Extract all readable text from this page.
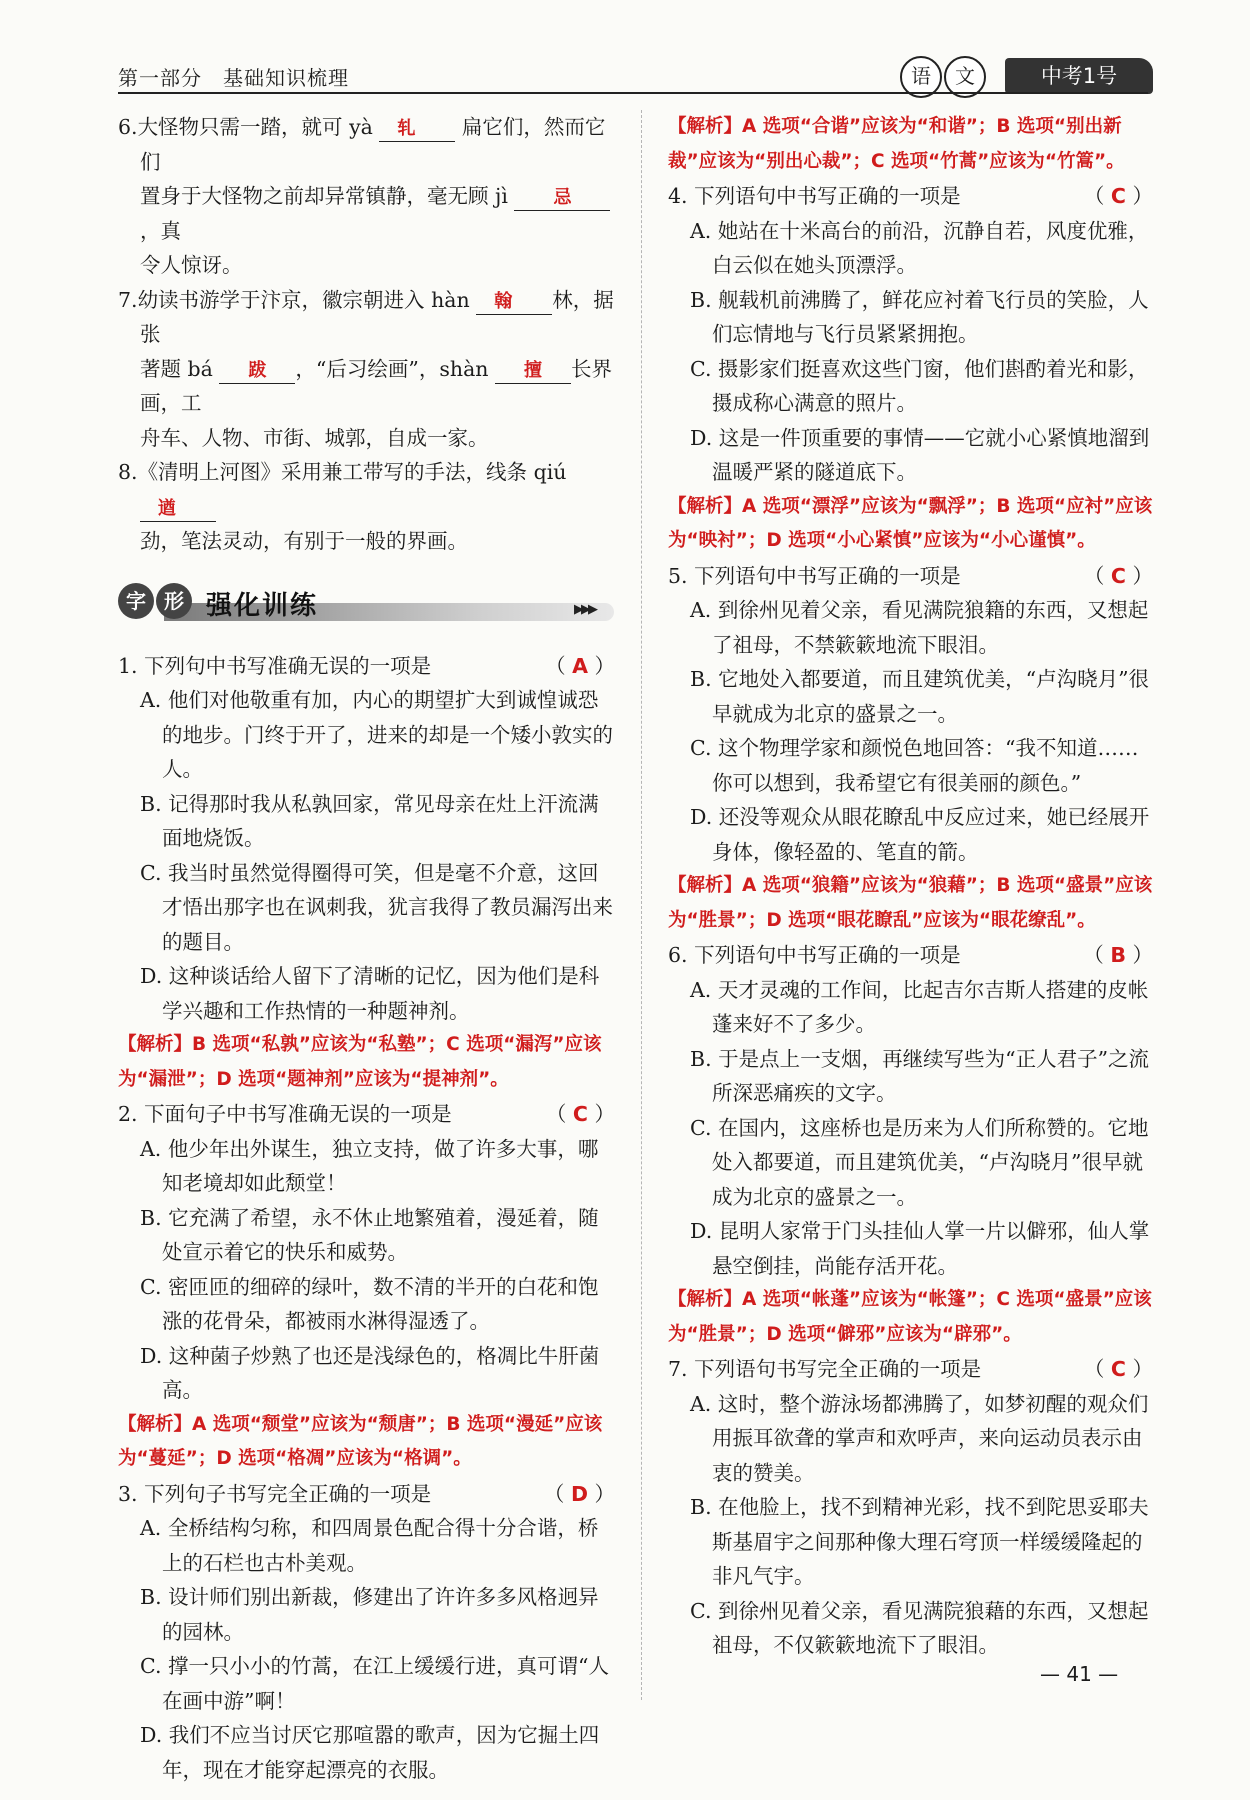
第一部分　基础知识梳理	语	文	中考1号
6.大怪物只需一踏，就可 yà 轧 扁它们，然而它们
置身于大怪物之前却异常镇静，毫无顾 jì 忌，真
令人惊讶。
7.幼读书游学于汴京，徽宗朝进入 hàn 翰 林，据张
著题 bá 跋 ，“后习绘画”，shàn 擅 长界画，工
舟车、人物、市街、城郭，自成一家。
8.《清明上河图》采用兼工带写的手法，线条 qiú 遒
劲，笔法灵动，有别于一般的界画。
字 形 强化训练	▶▶▶
1. 下列句中书写准确无误的一项是	（ A ）
A. 他们对他敬重有加，内心的期望扩大到诚惶诚恐的地步。门终于开了，进来的却是一个矮小敦实的人。
B. 记得那时我从私孰回家，常见母亲在灶上汗流满面地烧饭。
C. 我当时虽然觉得圈得可笑，但是毫不介意，这回才悟出那字也在讽刺我，犹言我得了教员漏泻出来的题目。
D. 这种谈话给人留下了清晰的记忆，因为他们是科学兴趣和工作热情的一种题神剂。
【解析】B 选项“私孰”应该为“私塾”；C 选项“漏泻”应该为“漏泄”；D 选项“题神剂”应该为“提神剂”。
2. 下面句子中书写准确无误的一项是	（ C ）
A. 他少年出外谋生，独立支持，做了许多大事，哪知老境却如此颓堂！
B. 它充满了希望，永不休止地繁殖着，漫延着，随处宣示着它的快乐和威势。
C. 密匝匝的细碎的绿叶，数不清的半开的白花和饱涨的花骨朵，都被雨水淋得湿透了。
D. 这种菌子炒熟了也还是浅绿色的，格凋比牛肝菌高。
【解析】A 选项“颓堂”应该为“颓唐”；B 选项“漫延”应该为“蔓延”；D 选项“格凋”应该为“格调”。
3. 下列句子书写完全正确的一项是	（ D ）
A. 全桥结构匀称，和四周景色配合得十分合谐，桥上的石栏也古朴美观。
B. 设计师们别出新裁，修建出了许许多多风格迥异的园林。
C. 撑一只小小的竹蒿，在江上缓缓行进，真可谓“人在画中游”啊！
D. 我们不应当讨厌它那喧嚣的歌声，因为它掘土四年，现在才能穿起漂亮的衣服。
【解析】A 选项“合谐”应该为“和谐”；B 选项“别出新裁”应该为“别出心裁”；C 选项“竹蒿”应该为“竹篙”。
4. 下列语句中书写正确的一项是	（ C ）
A. 她站在十米高台的前沿，沉静自若，风度优雅，白云似在她头顶漂浮。
B. 舰载机前沸腾了，鲜花应衬着飞行员的笑脸，人们忘情地与飞行员紧紧拥抱。
C. 摄影家们挺喜欢这些门窗，他们斟酌着光和影，摄成称心满意的照片。
D. 这是一件顶重要的事情——它就小心紧慎地溜到温暖严紧的隧道底下。
【解析】A 选项“漂浮”应该为“飘浮”；B 选项“应衬”应该为“映衬”；D 选项“小心紧慎”应该为“小心谨慎”。
5. 下列语句中书写正确的一项是	（ C ）
A. 到徐州见着父亲，看见满院狼籍的东西，又想起了祖母，不禁簌簌地流下眼泪。
B. 它地处入都要道，而且建筑优美，“卢沟晓月”很早就成为北京的盛景之一。
C. 这个物理学家和颜悦色地回答：“我不知道……你可以想到，我希望它有很美丽的颜色。”
D. 还没等观众从眼花瞭乱中反应过来，她已经展开身体，像轻盈的、笔直的箭。
【解析】A 选项“狼籍”应该为“狼藉”；B 选项“盛景”应该为“胜景”；D 选项“眼花瞭乱”应该为“眼花缭乱”。
6. 下列语句中书写正确的一项是	（ B ）
A. 天才灵魂的工作间，比起吉尔吉斯人搭建的皮帐蓬来好不了多少。
B. 于是点上一支烟，再继续写些为“正人君子”之流所深恶痛疾的文字。
C. 在国内，这座桥也是历来为人们所称赞的。它地处入都要道，而且建筑优美，“卢沟晓月”很早就成为北京的盛景之一。
D. 昆明人家常于门头挂仙人掌一片以僻邪，仙人掌悬空倒挂，尚能存活开花。
【解析】A 选项“帐蓬”应该为“帐篷”；C 选项“盛景”应该为“胜景”；D 选项“僻邪”应该为“辟邪”。
7. 下列语句书写完全正确的一项是	（ C ）
A. 这时，整个游泳场都沸腾了，如梦初醒的观众们用振耳欲聋的掌声和欢呼声，来向运动员表示由衷的赞美。
B. 在他脸上，找不到精神光彩，找不到陀思妥耶夫斯基眉宇之间那种像大理石穹顶一样缓缓隆起的非凡气宇。
C. 到徐州见着父亲，看见满院狼藉的东西，又想起祖母，不仅簌簌地流下了眼泪。
— 41 —
